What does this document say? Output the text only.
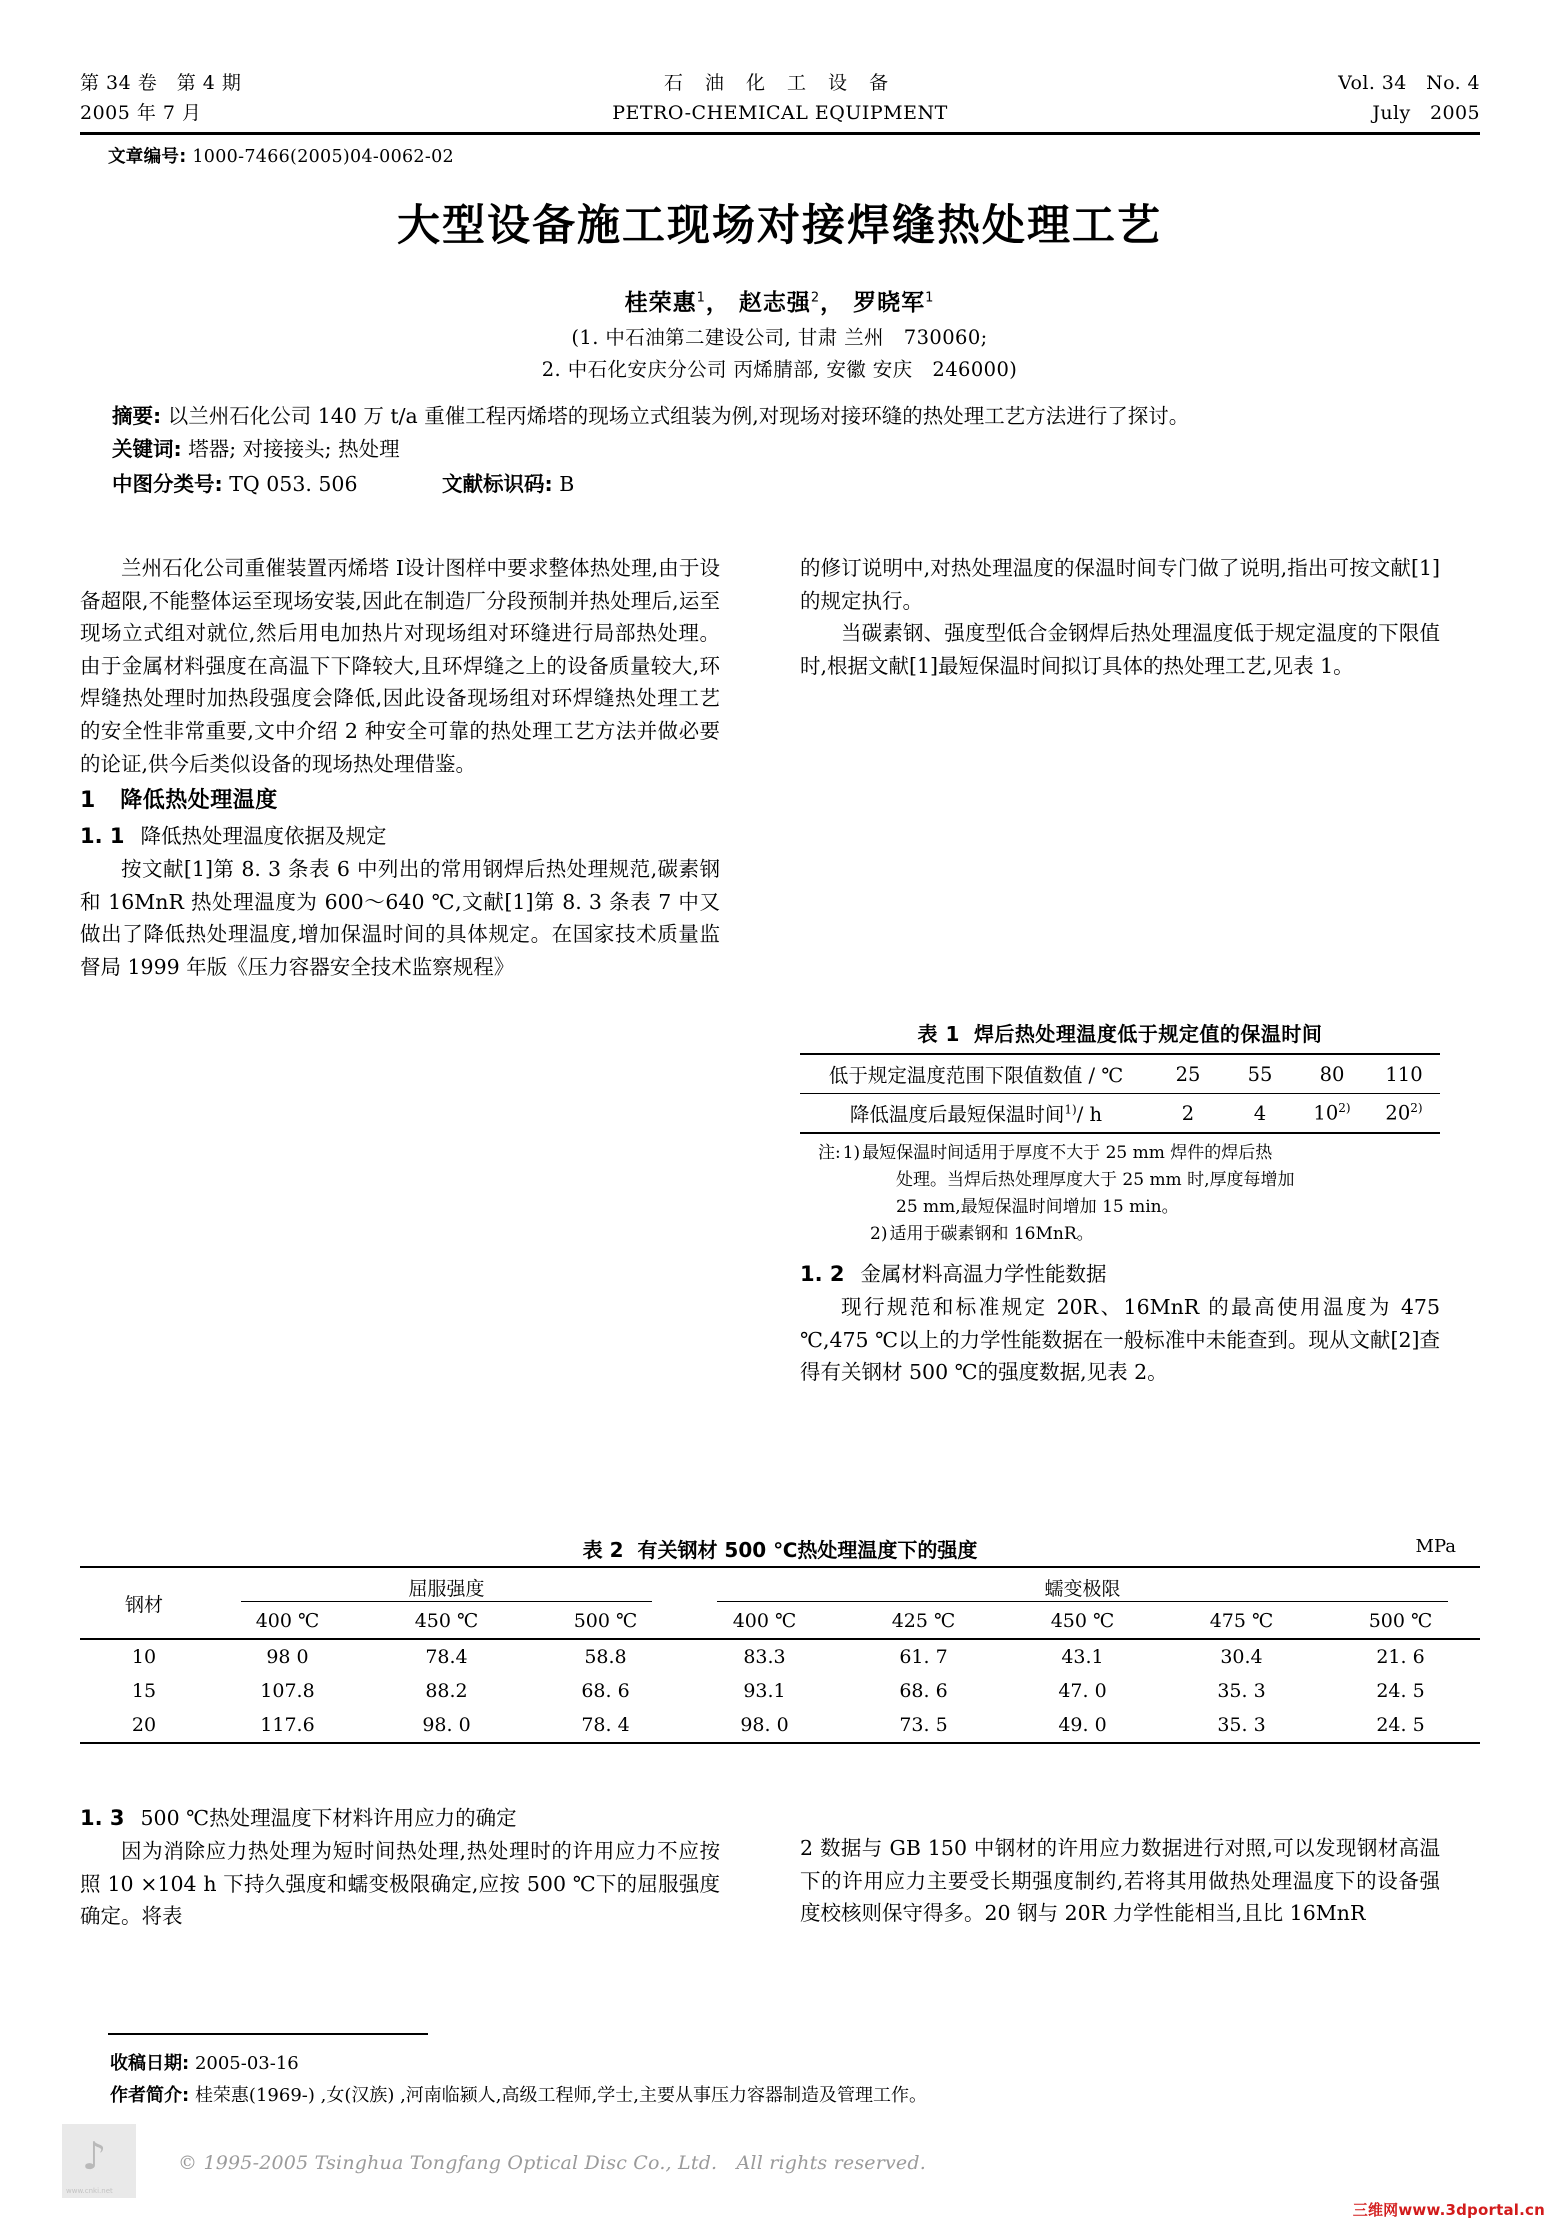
第 34 卷　第 4 期
2005 年 7 月
石 油 化 工 设 备
PETRO-CHEMICAL EQUIPMENT
Vol. 34　No. 4
July　2005
文章编号: 1000-7466(2005)04-0062-02
大型设备施工现场对接焊缝热处理工艺
桂荣惠$^1$， 赵志强$^2$， 罗晓军$^1$
(1. 中石油第二建设公司, 甘肃 兰州　730060;
2. 中石化安庆分公司 丙烯腈部, 安徽 安庆　246000)

摘要: 以兰州石化公司 140 万 t/a 重催工程丙烯塔的现场立式组装为例,对现场对接环缝的热处理工艺方法进行了探讨。

关键词: 塔器; 对接接头; 热处理

中图分类号: TQ 053. 506	文献标识码: B

兰州石化公司重催装置丙烯塔 Ⅰ设计图样中要求整体热处理,由于设备超限,不能整体运至现场安装,因此在制造厂分段预制并热处理后,运至现场立式组对就位,然后用电加热片对现场组对环缝进行局部热处理。由于金属材料强度在高温下下降较大,且环焊缝之上的设备质量较大,环焊缝热处理时加热段强度会降低,因此设备现场组对环焊缝热处理工艺的安全性非常重要,文中介绍 2 种安全可靠的热处理工艺方法并做必要的论证,供今后类似设备的现场热处理借鉴。

1 降低热处理温度
1. 1 降低热处理温度依据及规定

按文献[1]第 8. 3 条表 6 中列出的常用钢焊后热处理规范,碳素钢和 16MnR 热处理温度为 600～640 ℃,文献[1]第 8. 3 条表 7 中又做出了降低热处理温度,增加保温时间的具体规定。在国家技术质量监督局 1999 年版《压力容器安全技术监察规程》

的修订说明中,对热处理温度的保温时间专门做了说明,指出可按文献[1]的规定执行。

当碳素钢、强度型低合金钢焊后热处理温度低于规定温度的下限值时,根据文献[1]最短保温时间拟订具体的热处理工艺,见表 1。

表 1 焊后热处理温度低于规定值的保温时间
低于规定温度范围下限值数值 / ℃	25	55	80	110
降低温度后最短保温时间$^{1)}$/ h	2	4	10$^{2)}$	20$^{2)}$

注: 1) 最短保温时间适用于厚度不大于 25 mm 焊件的焊后热
处理。当焊后热处理厚度大于 25 mm 时,厚度每增加
25 mm,最短保温时间增加 15 min。
2) 适用于碳素钢和 16MnR。
1. 2 金属材料高温力学性能数据

现行规范和标准规定 20R、16MnR 的最高使用温度为 475 ℃,475 ℃以上的力学性能数据在一般标准中未能查到。现从文献[2]查得有关钢材 500 ℃的强度数据,见表 2。

表 2 有关钢材 500 ℃热处理温度下的强度	MPa
钢材	屈服强度			蠕变极限				
	400 ℃	450 ℃	500 ℃	400 ℃	425 ℃	450 ℃	475 ℃	500 ℃
10	98 0	78.4	58.8	83.3	61. 7	43.1	30.4	21. 6
15	107.8	88.2	68. 6	93.1	68. 6	47. 0	35. 3	24. 5
20	117.6	98. 0	78. 4	98. 0	73. 5	49. 0	35. 3	24. 5

1. 3 500 ℃热处理温度下材料许用应力的确定

因为消除应力热处理为短时间热处理,热处理时的许用应力不应按照 10 ×104 h 下持久强度和蠕变极限确定,应按 500 ℃下的屈服强度确定。将表

2 数据与 GB 150 中钢材的许用应力数据进行对照,可以发现钢材高温下的许用应力主要受长期强度制约,若将其用做热处理温度下的设备强度校核则保守得多。20 钢与 20R 力学性能相当,且比 16MnR

收稿日期: 2005-03-16
作者简介: 桂荣惠(1969-) ,女(汉族) ,河南临颍人,高级工程师,学士,主要从事压力容器制造及管理工作。
♪
www.cnki.net
© 1995-2005 Tsinghua Tongfang Optical Disc Co., Ltd.　All rights reserved.
三维网www.3dportal.cn
